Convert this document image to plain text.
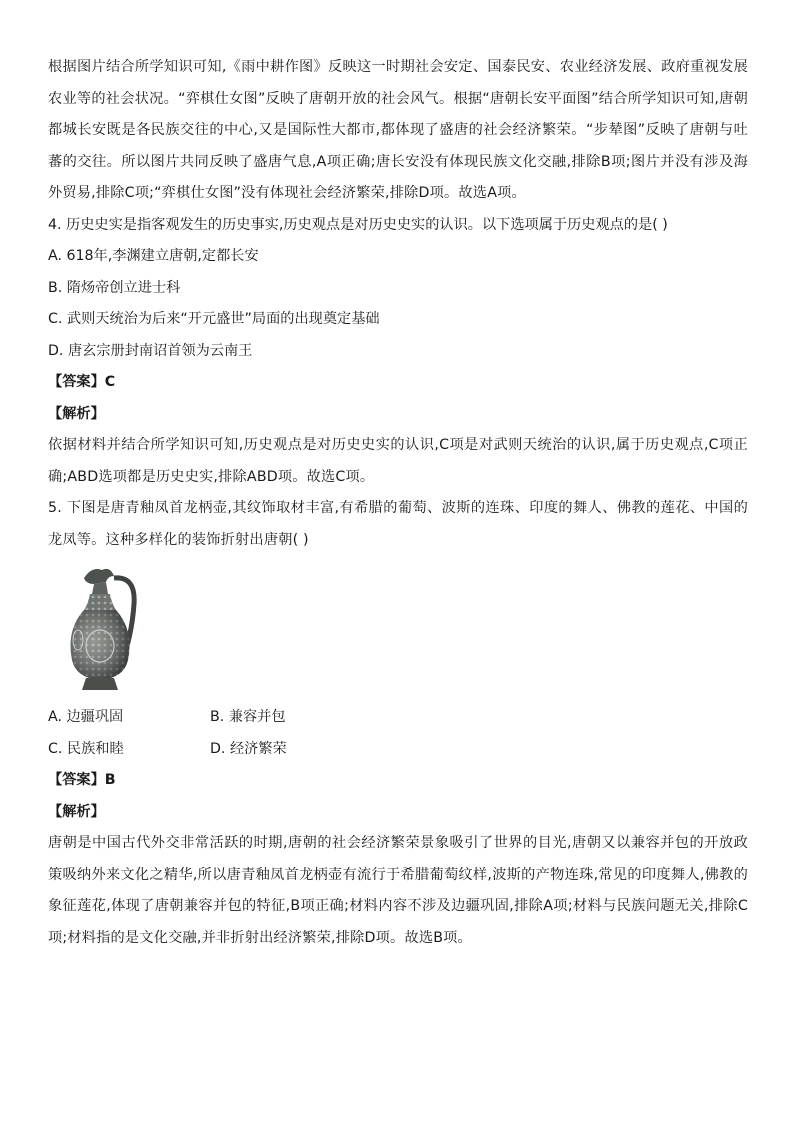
根据图片结合所学知识可知,《雨中耕作图》反映这一时期社会安定、国泰民安、农业经济发展、政府重视发展农业等的社会状况。“弈棋仕女图”反映了唐朝开放的社会风气。根据“唐朝长安平面图”结合所学知识可知,唐朝都城长安既是各民族交往的中心,又是国际性大都市,都体现了盛唐的社会经济繁荣。“步辇图”反映了唐朝与吐蕃的交往。所以图片共同反映了盛唐气息,A项正确;唐长安没有体现民族文化交融,排除B项;图片并没有涉及海外贸易,排除C项;“弈棋仕女图”没有体现社会经济繁荣,排除D项。故选A项。

4. 历史史实是指客观发生的历史事实,历史观点是对历史史实的认识。以下选项属于历史观点的是( )

A. 618年,李渊建立唐朝,定都长安

B. 隋炀帝创立进士科

C. 武则天统治为后来“开元盛世”局面的出现奠定基础

D. 唐玄宗册封南诏首领为云南王

【答案】C

【解析】

依据材料并结合所学知识可知,历史观点是对历史史实的认识,C项是对武则天统治的认识,属于历史观点,C项正确;ABD选项都是历史史实,排除ABD项。故选C项。

5. 下图是唐青釉凤首龙柄壶,其纹饰取材丰富,有希腊的葡萄、波斯的连珠、印度的舞人、佛教的莲花、中国的龙凤等。这种多样化的装饰折射出唐朝( )

A. 边疆巩固	B. 兼容并包
C. 民族和睦	D. 经济繁荣

【答案】B

【解析】

唐朝是中国古代外交非常活跃的时期,唐朝的社会经济繁荣景象吸引了世界的目光,唐朝又以兼容并包的开放政策吸纳外来文化之精华,所以唐青釉凤首龙柄壶有流行于希腊葡萄纹样,波斯的产物连珠,常见的印度舞人,佛教的象征莲花,体现了唐朝兼容并包的特征,B项正确;材料内容不涉及边疆巩固,排除A项;材料与民族问题无关,排除C项;材料指的是文化交融,并非折射出经济繁荣,排除D项。故选B项。
